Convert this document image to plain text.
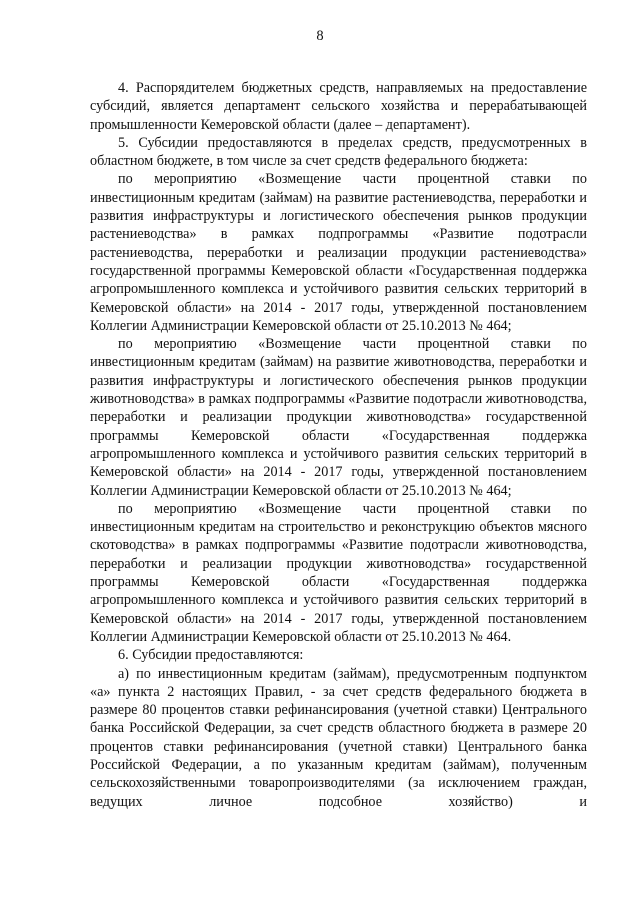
8

4. Распорядителем бюджетных средств, направляемых на предоставление субсидий, является департамент сельского хозяйства и перерабатывающей промышленности Кемеровской области (далее – департамент).

5. Субсидии предоставляются в пределах средств, предусмотренных в областном бюджете, в том числе за счет средств федерального бюджета:

по мероприятию «Возмещение части процентной ставки по инвестиционным кредитам (займам) на развитие растениеводства, переработки и развития инфраструктуры и логистического обеспечения рынков продукции растениеводства» в рамках подпрограммы «Развитие подотрасли растениеводства, переработки и реализации продукции растениеводства» государственной программы Кемеровской области «Государственная поддержка агропромышленного комплекса и устойчивого развития сельских территорий в Кемеровской области» на 2014 - 2017 годы, утвержденной постановлением Коллегии Администрации Кемеровской области от 25.10.2013 № 464;

по мероприятию «Возмещение части процентной ставки по инвестиционным кредитам (займам) на развитие животноводства, переработки и развития инфраструктуры и логистического обеспечения рынков продукции животноводства» в рамках подпрограммы «Развитие подотрасли животноводства, переработки и реализации продукции животноводства» государственной программы Кемеровской области «Государственная поддержка агропромышленного комплекса и устойчивого развития сельских территорий в Кемеровской области» на 2014 - 2017 годы, утвержденной постановлением Коллегии Администрации Кемеровской области от 25.10.2013 № 464;

по мероприятию «Возмещение части процентной ставки по инвестиционным кредитам на строительство и реконструкцию объектов мясного скотоводства» в рамках подпрограммы «Развитие подотрасли животноводства, переработки и реализации продукции животноводства» государственной программы Кемеровской области «Государственная поддержка агропромышленного комплекса и устойчивого развития сельских территорий в Кемеровской области» на 2014 - 2017 годы, утвержденной постановлением Коллегии Администрации Кемеровской области от 25.10.2013 № 464.

6. Субсидии предоставляются:

а) по инвестиционным кредитам (займам), предусмотренным подпунктом «а» пункта 2 настоящих Правил, - за счет средств федерального бюджета в размере 80 процентов ставки рефинансирования (учетной ставки) Центрального банка Российской Федерации, за счет средств областного бюджета в размере 20 процентов ставки рефинансирования (учетной ставки) Центрального банка Российской Федерации, а по указанным кредитам (займам), полученным сельскохозяйственными товаропроизводителями (за исключением граждан, ведущих личное подсобное хозяйство) и
